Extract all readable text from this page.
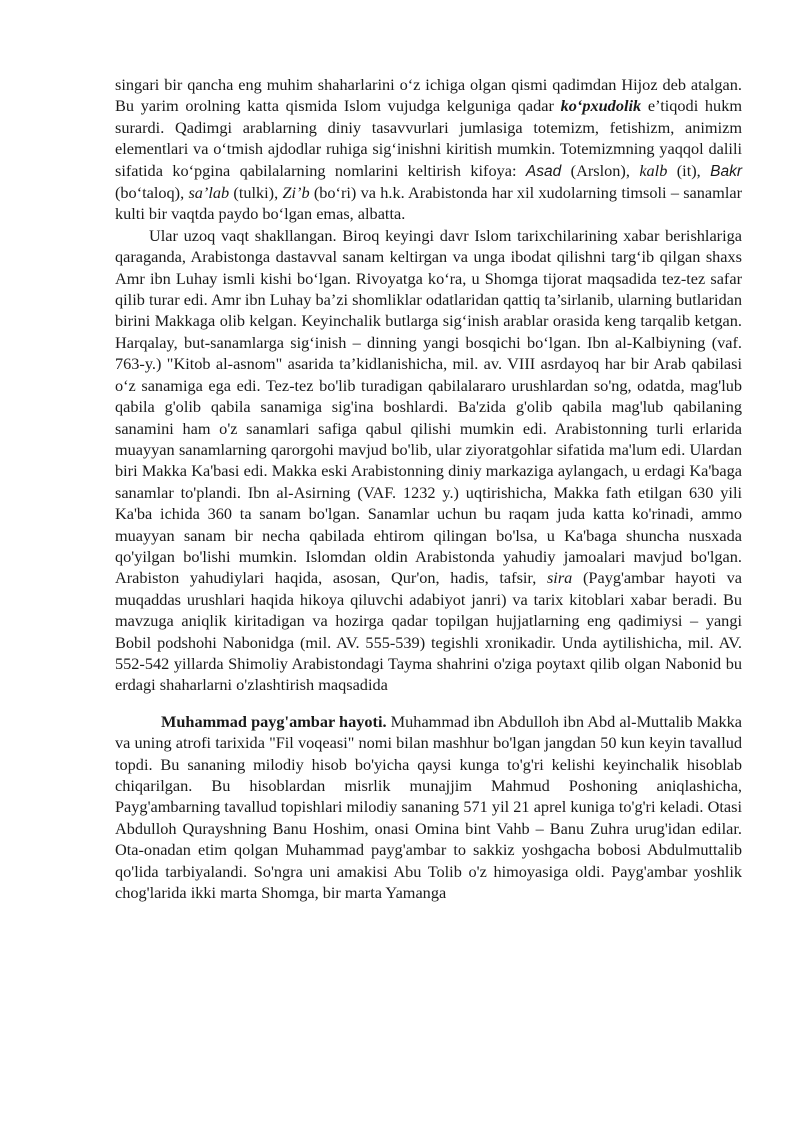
singari bir qancha eng muhim shaharlarini o‘z ichiga olgan qismi qadimdan Hijoz deb atalgan. Bu yarim orolning katta qismida Islom vujudga kelguniga qadar ko‘pxudolik e’tiqodi hukm surardi. Qadimgi arablarning diniy tasavvurlari jumlasiga totemizm, fetishizm, animizm elementlari va o‘tmish ajdodlar ruhiga sig‘inishni kiritish mumkin. Totemizmning yaqqol dalili sifatida ko‘pgina qabilalarning nomlarini keltirish kifoya: Asad (Arslon), kalb (it), Bakr (bo‘taloq), sa’lab (tulki), Zi’b (bo‘ri) va h.k. Arabistonda har xil xudolarning timsoli – sanamlar kulti bir vaqtda paydo bo‘lgan emas, albatta.

Ular uzoq vaqt shakllangan. Biroq keyingi davr Islom tarixchilarining xabar berishlariga qaraganda, Arabistonga dastavval sanam keltirgan va unga ibodat qilishni targ‘ib qilgan shaxs Amr ibn Luhay ismli kishi bo‘lgan. Rivoyatga ko‘ra, u Shomga tijorat maqsadida tez-tez safar qilib turar edi. Amr ibn Luhay ba’zi shomliklar odatlaridan qattiq ta’sirlanib, ularning butlaridan birini Makkaga olib kelgan. Keyinchalik butlarga sig‘inish arablar orasida keng tarqalib ketgan. Harqalay, but-sanamlarga sig‘inish – dinning yangi bosqichi bo‘lgan. Ibn al-Kalbiyning (vaf. 763-y.) "Kitob al-asnom" asarida ta’kidlanishicha, mil. av. VIII asrdayoq har bir Arab qabilasi o‘z sanamiga ega edi. Tez-tez bo'lib turadigan qabilalararo urushlardan so'ng, odatda, mag'lub qabila g'olib qabila sanamiga sig'ina boshlardi. Ba'zida g'olib qabila mag'lub qabilaning sanamini ham o'z sanamlari safiga qabul qilishi mumkin edi. Arabistonning turli erlarida muayyan sanamlarning qarorgohi mavjud bo'lib, ular ziyoratgohlar sifatida ma'lum edi. Ulardan biri Makka Ka'basi edi. Makka eski Arabistonning diniy markaziga aylangach, u erdagi Ka'baga sanamlar to'plandi. Ibn al-Asirning (VAF. 1232 y.) uqtirishicha, Makka fath etilgan 630 yili Ka'ba ichida 360 ta sanam bo'lgan. Sanamlar uchun bu raqam juda katta ko'rinadi, ammo muayyan sanam bir necha qabilada ehtirom qilingan bo'lsa, u Ka'baga shuncha nusxada qo'yilgan bo'lishi mumkin. Islomdan oldin Arabistonda yahudiy jamoalari mavjud bo'lgan. Arabiston yahudiylari haqida, asosan, Qur'on, hadis, tafsir, sira (Payg'ambar hayoti va muqaddas urushlari haqida hikoya qiluvchi adabiyot janri) va tarix kitoblari xabar beradi. Bu mavzuga aniqlik kiritadigan va hozirga qadar topilgan hujjatlarning eng qadimiysi – yangi Bobil podshohi Nabonidga (mil. AV. 555-539) tegishli xronikadir. Unda aytilishicha, mil. AV. 552-542 yillarda Shimoliy Arabistondagi Tayma shahrini o'ziga poytaxt qilib olgan Nabonid bu erdagi shaharlarni o'zlashtirish maqsadida

Muhammad payg'ambar hayoti. Muhammad ibn Abdulloh ibn Abd al-Muttalib Makka va uning atrofi tarixida "Fil voqeasi" nomi bilan mashhur bo'lgan jangdan 50 kun keyin tavallud topdi. Bu sananing milodiy hisob bo'yicha qaysi kunga to'g'ri kelishi keyinchalik hisoblab chiqarilgan. Bu hisoblardan misrlik munajjim Mahmud Poshoning aniqlashicha, Payg'ambarning tavallud topishlari milodiy sananing 571 yil 21 aprel kuniga to'g'ri keladi. Otasi Abdulloh Qurayshning Banu Hoshim, onasi Omina bint Vahb – Banu Zuhra urug'idan edilar. Ota-onadan etim qolgan Muhammad payg'ambar to sakkiz yoshgacha bobosi Abdulmuttalib qo'lida tarbiyalandi. So'ngra uni amakisi Abu Tolib o'z himoyasiga oldi. Payg'ambar yoshlik chog'larida ikki marta Shomga, bir marta Yamanga
